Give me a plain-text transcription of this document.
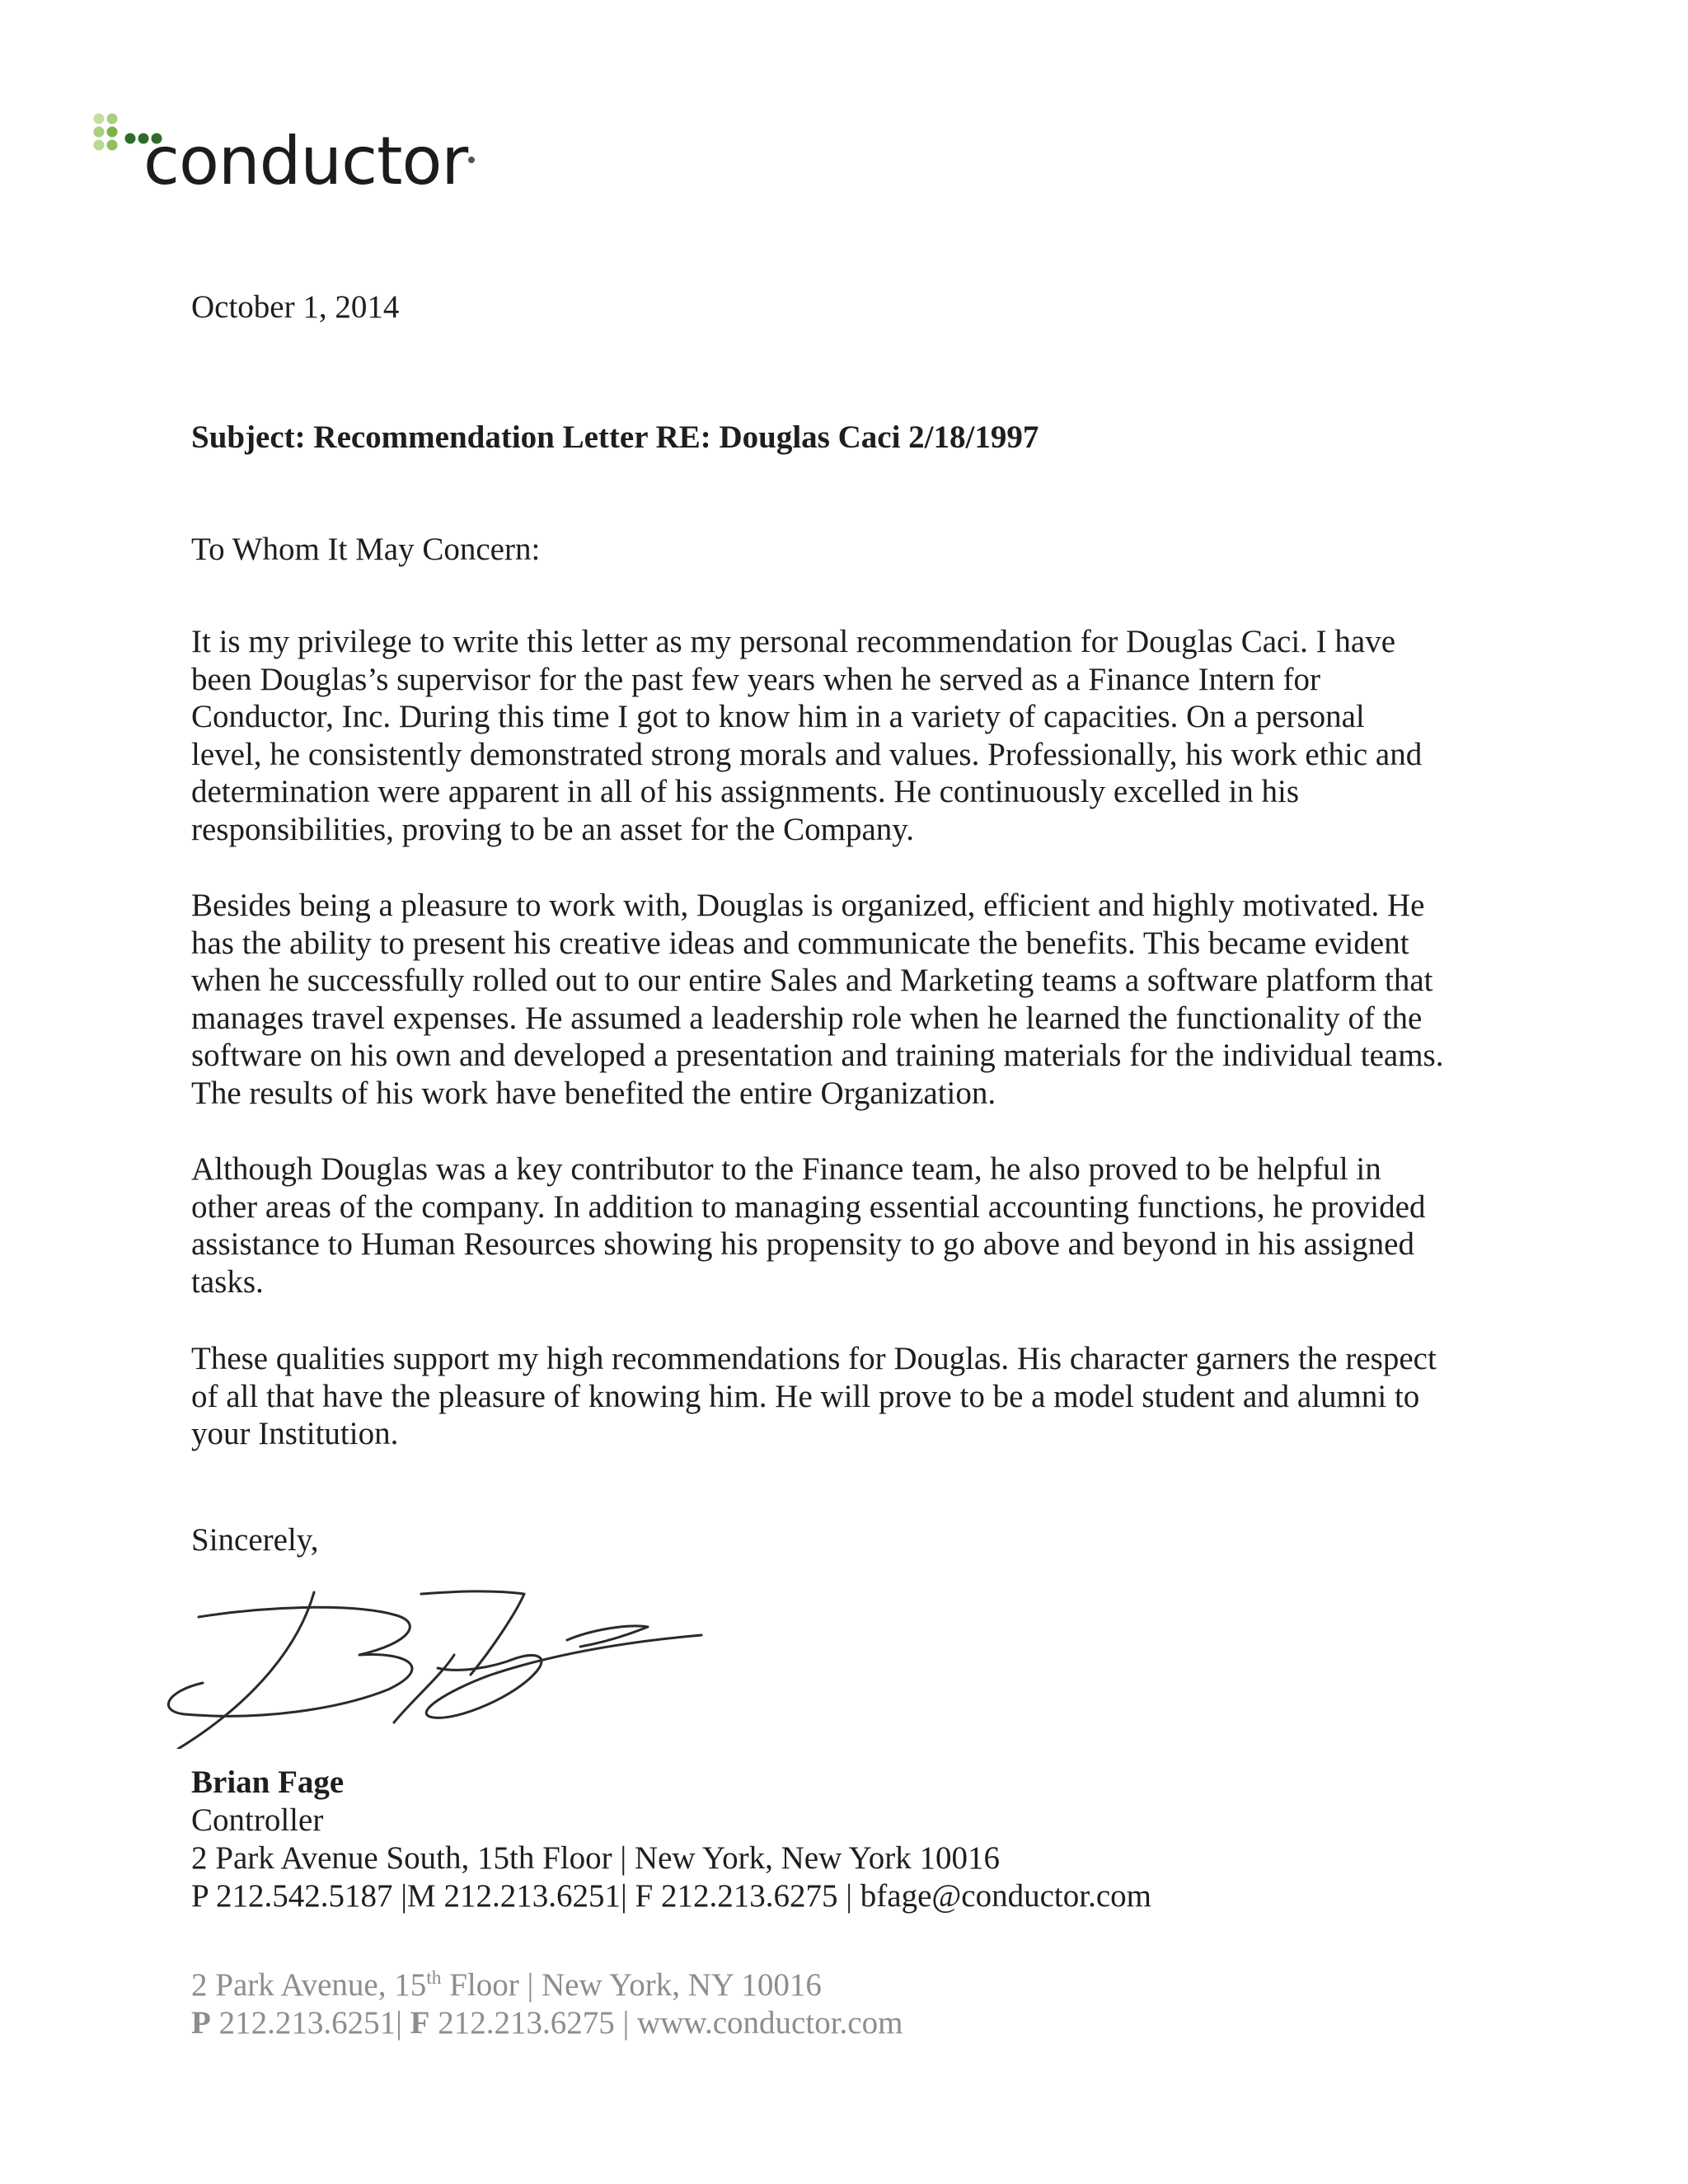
conductor
October 1, 2014
Subject: Recommendation Letter RE: Douglas Caci 2/18/1997
To Whom It May Concern:
It is my privilege to write this letter as my personal recommendation for Douglas Caci. I have
been Douglas’s supervisor for the past few years when he served as a Finance Intern for
Conductor, Inc. During this time I got to know him in a variety of capacities. On a personal
level, he consistently demonstrated strong morals and values. Professionally, his work ethic and
determination were apparent in all of his assignments. He continuously excelled in his
responsibilities, proving to be an asset for the Company.
Besides being a pleasure to work with, Douglas is organized, efficient and highly motivated. He
has the ability to present his creative ideas and communicate the benefits. This became evident
when he successfully rolled out to our entire Sales and Marketing teams a software platform that
manages travel expenses. He assumed a leadership role when he learned the functionality of the
software on his own and developed a presentation and training materials for the individual teams.
The results of his work have benefited the entire Organization.
Although Douglas was a key contributor to the Finance team, he also proved to be helpful in
other areas of the company. In addition to managing essential accounting functions, he provided
assistance to Human Resources showing his propensity to go above and beyond in his assigned
tasks.
These qualities support my high recommendations for Douglas. His character garners the respect
of all that have the pleasure of knowing him. He will prove to be a model student and alumni to
your Institution.
Sincerely,
Brian Fage
Controller
2 Park Avenue South, 15th Floor | New York, New York 10016
P 212.542.5187 |M 212.213.6251| F 212.213.6275 | bfage@conductor.com
2 Park Avenue, 15th Floor | New York, NY 10016
P 212.213.6251| F 212.213.6275 | www.conductor.com
